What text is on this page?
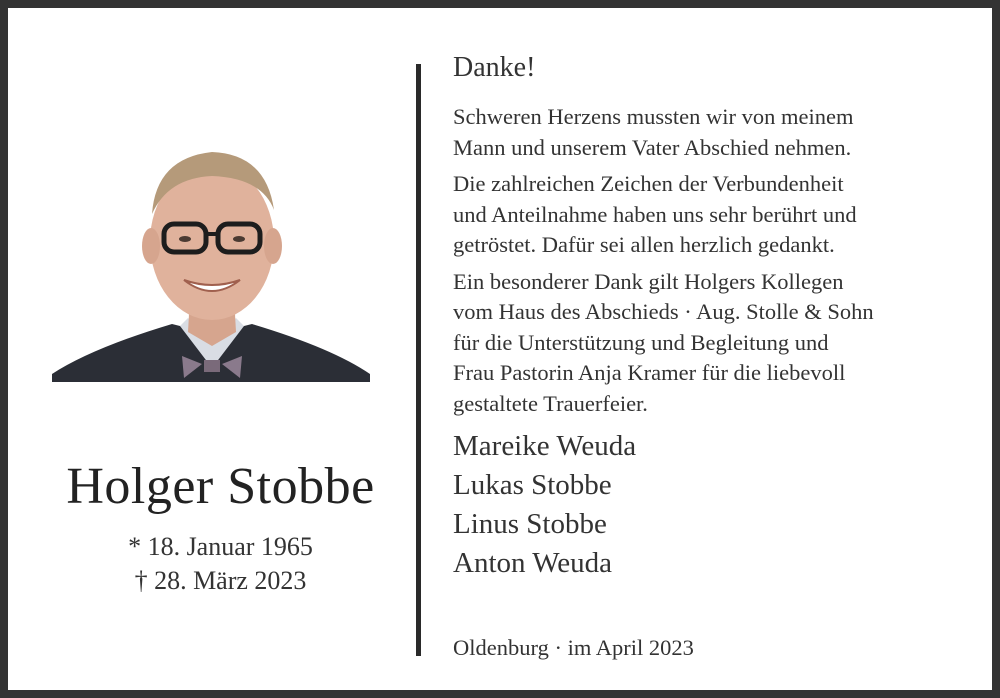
Holger Stobbe
* 18. Januar 1965
† 28. März 2023
Danke!

Schweren Herzens mussten wir von meinem

Mann und unserem Vater Abschied nehmen.

Die zahlreichen Zeichen der Verbundenheit

und Anteilnahme haben uns sehr berührt und

getröstet. Dafür sei allen herzlich gedankt.

Ein besonderer Dank gilt Holgers Kollegen

vom Haus des Abschieds · Aug. Stolle & Sohn

für die Unterstützung und Begleitung und

Frau Pastorin Anja Kramer für die liebevoll

gestaltete Trauerfeier.

Mareike Weuda
Lukas Stobbe
Linus Stobbe
Anton Weuda
Oldenburg · im April 2023
